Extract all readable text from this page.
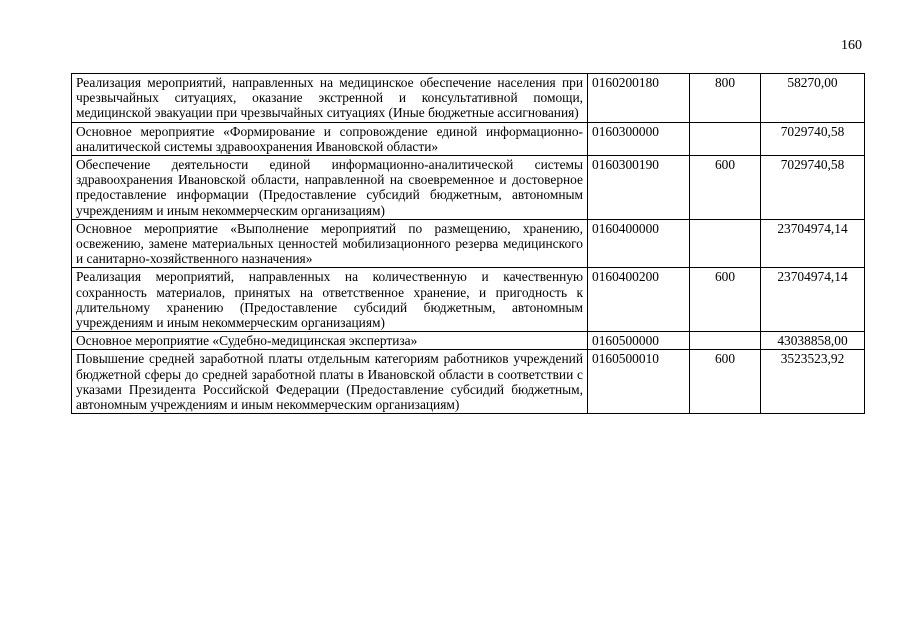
160
Реализация мероприятий, направленных на медицинское обеспечение населения при чрезвычайных ситуациях, оказание экстренной и консультативной помощи, медицинской эвакуации при чрезвычайных ситуациях (Иные бюджетные ассигнования)	0160200180	800	58270,00
Основное мероприятие «Формирование и сопровождение единой информационно-аналитической системы здравоохранения Ивановской области»	0160300000		7029740,58
Обеспечение деятельности единой информационно-аналитической системы здравоохранения Ивановской области, направленной на своевременное и достоверное предоставление информации (Предоставление субсидий бюджетным, автономным учреждениям и иным некоммерческим организациям)	0160300190	600	7029740,58
Основное мероприятие «Выполнение мероприятий по размещению, хранению, освежению, замене материальных ценностей мобилизационного резерва медицинского и санитарно-хозяйственного назначения»	0160400000		23704974,14
Реализация мероприятий, направленных на количественную и качественную сохранность материалов, принятых на ответственное хранение, и пригодность к длительному хранению (Предоставление субсидий бюджетным, автономным учреждениям и иным некоммерческим организациям)	0160400200	600	23704974,14
Основное мероприятие «Судебно-медицинская экспертиза»	0160500000		43038858,00
Повышение средней заработной платы отдельным категориям работников учреждений бюджетной сферы до средней заработной платы в Ивановской области в соответствии с указами Президента Российской Федерации (Предоставление субсидий бюджетным, автономным учреждениям и иным некоммерческим организациям)	0160500010	600	3523523,92
